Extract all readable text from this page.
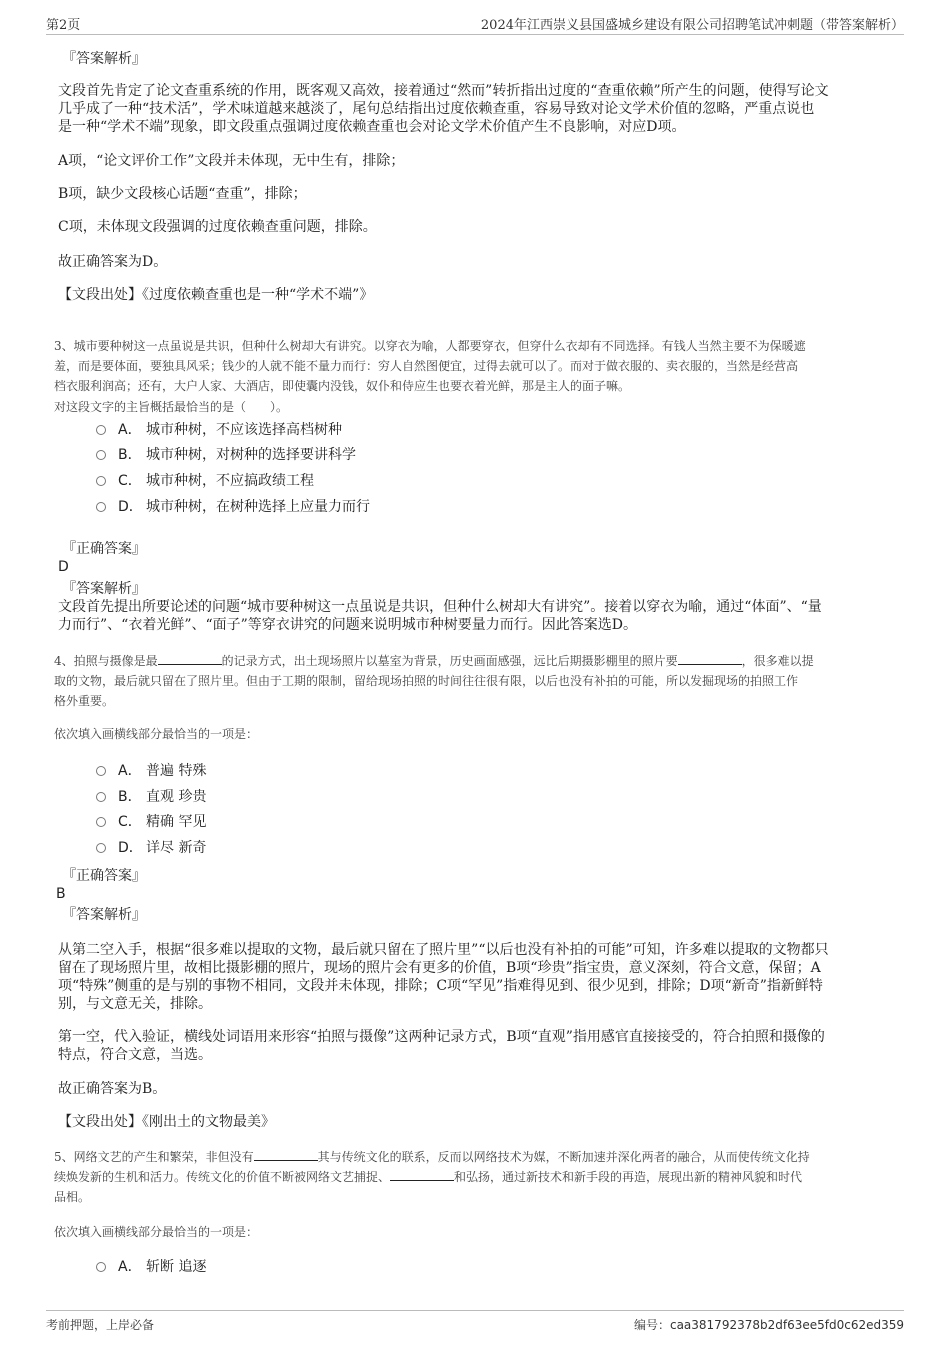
第2页	2024年江西崇义县国盛城乡建设有限公司招聘笔试冲刺题（带答案解析）

『答案解析』

文段首先肯定了论文查重系统的作用，既客观又高效，接着通过“然而”转折指出过度的“查重依赖”所产生的问题，使得写论文

几乎成了一种“技术活”，学术味道越来越淡了，尾句总结指出过度依赖查重，容易导致对论文学术价值的忽略，严重点说也

是一种“学术不端”现象，即文段重点强调过度依赖查重也会对论文学术价值产生不良影响，对应D项。

A项，“论文评价工作”文段并未体现，无中生有，排除；

B项，缺少文段核心话题“查重”，排除；

C项，未体现文段强调的过度依赖查重问题，排除。

故正确答案为D。

【文段出处】《过度依赖查重也是一种“学术不端”》

3、城市要种树这一点虽说是共识，但种什么树却大有讲究。以穿衣为喻，人都要穿衣，但穿什么衣却有不同选择。有钱人当然主要不为保暖遮

羞，而是要体面，要独具风采；钱少的人就不能不量力而行：穷人自然图便宜，过得去就可以了。而对于做衣服的、卖衣服的，当然是经营高

档衣服利润高；还有，大户人家、大酒店，即使囊内没钱，奴仆和侍应生也要衣着光鲜，那是主人的面子嘛。

对这段文字的主旨概括最恰当的是（　　）。

A． 城市种树，不应该选择高档树种
B． 城市种树，对树种的选择要讲科学
C． 城市种树，不应搞政绩工程
D． 城市种树，在树种选择上应量力而行

『正确答案』

D

『答案解析』

文段首先提出所要论述的问题“城市要种树这一点虽说是共识，但种什么树却大有讲究”。接着以穿衣为喻，通过“体面”、“量

力而行”、“衣着光鲜”、“面子”等穿衣讲究的问题来说明城市种树要量力而行。因此答案选D。

4、拍照与摄像是最	的记录方式，出土现场照片以墓室为背景，历史画面感强，远比后期摄影棚里的照片要	，很多难以提

取的文物，最后就只留在了照片里。但由于工期的限制，留给现场拍照的时间往往很有限，以后也没有补拍的可能，所以发掘现场的拍照工作

格外重要。

依次填入画横线部分最恰当的一项是：

A． 普遍 特殊
B． 直观 珍贵
C． 精确 罕见
D． 详尽 新奇

『正确答案』

B

『答案解析』

从第二空入手，根据“很多难以提取的文物，最后就只留在了照片里”“以后也没有补拍的可能”可知，许多难以提取的文物都只

留在了现场照片里，故相比摄影棚的照片，现场的照片会有更多的价值，B项“珍贵”指宝贵，意义深刻，符合文意，保留；A

项“特殊”侧重的是与别的事物不相同，文段并未体现，排除；C项“罕见”指难得见到、很少见到，排除；D项“新奇”指新鲜特

别，与文意无关，排除。

第一空，代入验证，横线处词语用来形容“拍照与摄像”这两种记录方式，B项“直观”指用感官直接接受的，符合拍照和摄像的

特点，符合文意，当选。

故正确答案为B。

【文段出处】《刚出土的文物最美》

5、网络文艺的产生和繁荣，非但没有	其与传统文化的联系，反而以网络技术为媒，不断加速并深化两者的融合，从而使传统文化持

续焕发新的生机和活力。传统文化的价值不断被网络文艺捕捉、	和弘扬，通过新技术和新手段的再造，展现出新的精神风貌和时代

品相。

依次填入画横线部分最恰当的一项是：

A． 斩断 追逐
考前押题，上岸必备	编号：caa381792378b2df63ee5fd0c62ed359
